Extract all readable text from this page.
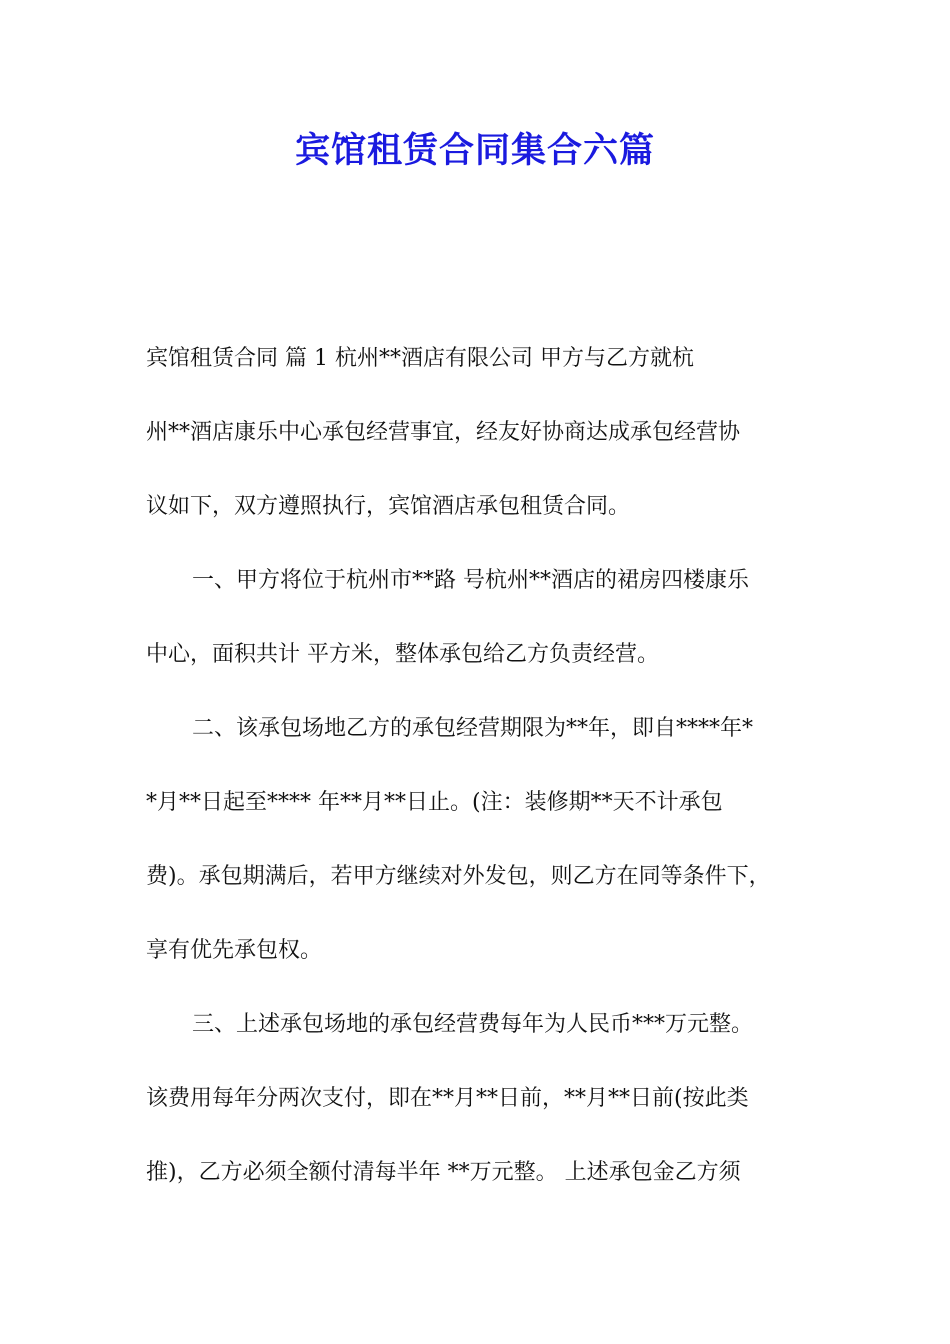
宾馆租赁合同集合六篇
宾馆租赁合同 篇 1 杭州**酒店有限公司 甲方与乙方就杭
州**酒店康乐中心承包经营事宜，经友好协商达成承包经营协
议如下，双方遵照执行，宾馆酒店承包租赁合同。
一、甲方将位于杭州市**路 号杭州**酒店的裙房四楼康乐
中心，面积共计 平方米，整体承包给乙方负责经营。
二、该承包场地乙方的承包经营期限为**年，即自****年*
*月**日起至**** 年**月**日止。(注：装修期**天不计承包
费)。承包期满后，若甲方继续对外发包，则乙方在同等条件下，
享有优先承包权。
三、上述承包场地的承包经营费每年为人民币***万元整。
该费用每年分两次支付，即在**月**日前，**月**日前(按此类
推)，乙方必须全额付清每半年 **万元整。 上述承包金乙方须
